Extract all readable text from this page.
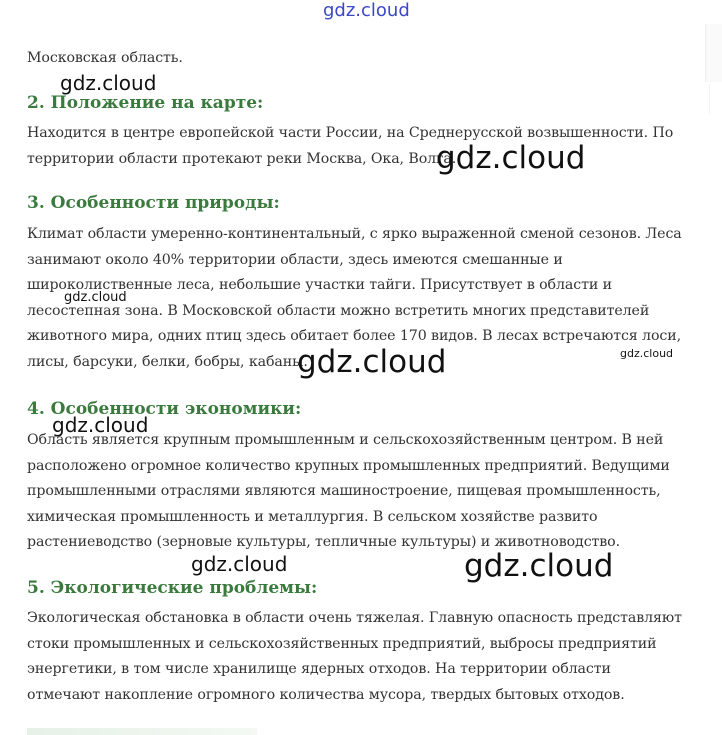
gdz.cloud

Московская область.

2. Положение на карте:

Находится в центре европейской части России, на Среднерусской возвышенности. По территории области протекают реки Москва, Ока, Волга.

3. Особенности природы:

Климат области умеренно-континентальный, с ярко выраженной сменой сезонов. Леса занимают около 40% территории области, здесь имеются смешанные и широколиственные леса, небольшие участки тайги. Присутствует в области и лесостепная зона. В Московской области можно встретить многих представителей животного мира, одних птиц здесь обитает более 170 видов. В лесах встречаются лоси, лисы, барсуки, белки, бобры, кабаны.

4. Особенности экономики:

Область является крупным промышленным и сельскохозяйственным центром. В ней расположено огромное количество крупных промышленных предприятий. Ведущими промышленными отраслями являются машиностроение, пищевая промышленность, химическая промышленность и металлургия. В сельском хозяйстве развито растениеводство (зерновые культуры, тепличные культуры) и животноводство.

5. Экологические проблемы:

Экологическая обстановка в области очень тяжелая. Главную опасность представляют стоки промышленных и сельскохозяйственных предприятий, выбросы предприятий энергетики, в том числе хранилище ядерных отходов. На территории области отмечают накопление огромного количества мусора, твердых бытовых отходов.

gdz.cloud
gdz.cloud
gdz.cloud
gdz.cloud	gdz.cloud
gdz.cloud
gdz.cloud	gdz.cloud
